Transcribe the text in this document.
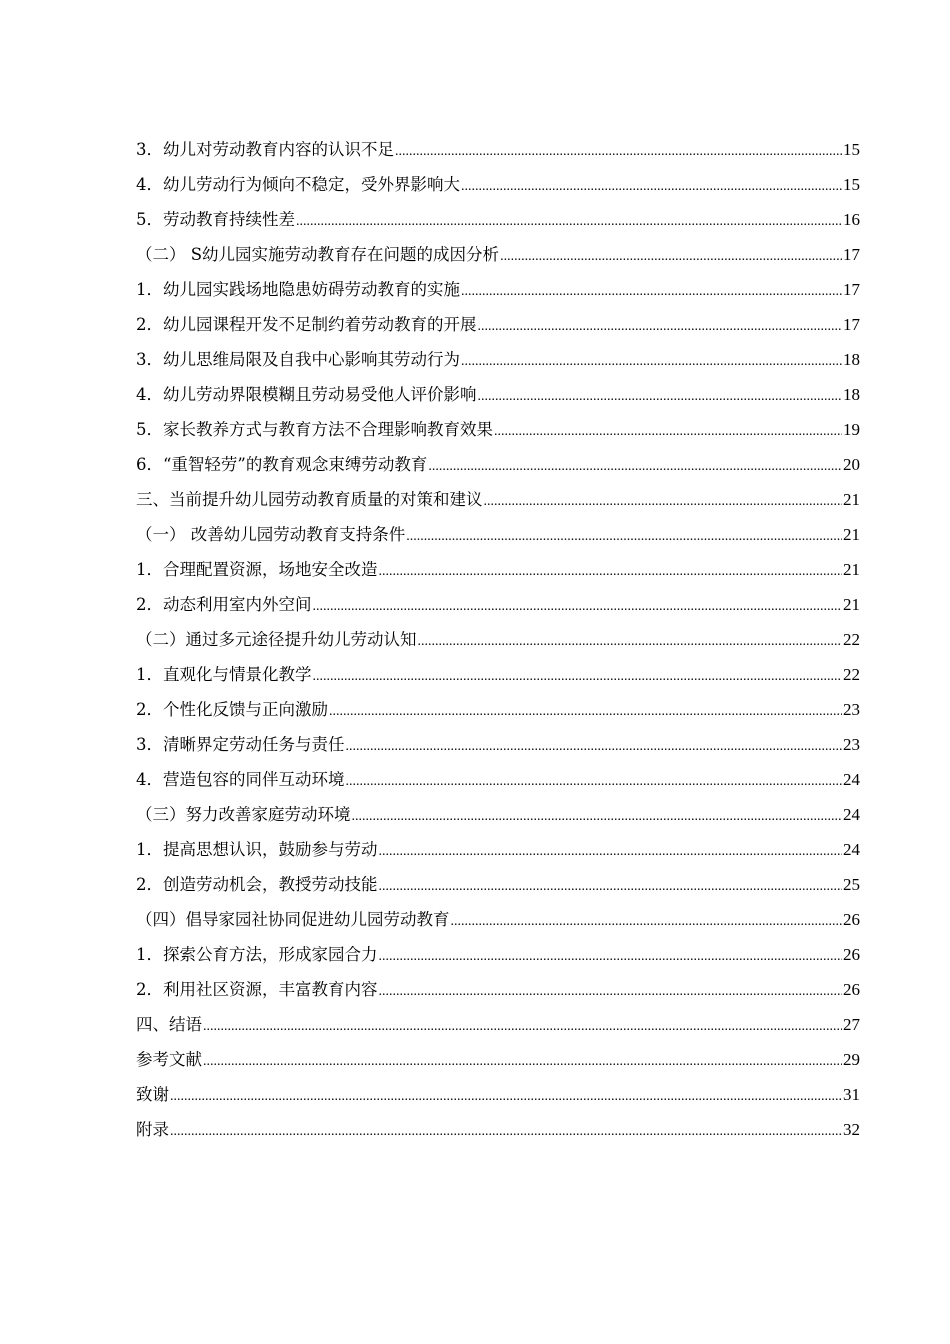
3．幼儿对劳动教育内容的认识不足 .....	15
4．幼儿劳动行为倾向不稳定，受外界影响大 .....	15
5．劳动教育持续性差 .....	16
（二） S幼儿园实施劳动教育存在问题的成因分析 .....	17
1．幼儿园实践场地隐患妨碍劳动教育的实施 .....	17
2．幼儿园课程开发不足制约着劳动教育的开展 .....	17
3．幼儿思维局限及自我中心影响其劳动行为 .....	18
4．幼儿劳动界限模糊且劳动易受他人评价影响 .....	18
5．家长教养方式与教育方法不合理影响教育效果 .....	19
6．“重智轻劳”的教育观念束缚劳动教育 .....	20
三、当前提升幼儿园劳动教育质量的对策和建议 .....	21
（一） 改善幼儿园劳动教育支持条件 .....	21
1．合理配置资源，场地安全改造 .....	21
2．动态利用室内外空间 .....	21
（二）通过多元途径提升幼儿劳动认知 .....	22
1．直观化与情景化教学 .....	22
2．个性化反馈与正向激励 .....	23
3．清晰界定劳动任务与责任 .....	23
4．营造包容的同伴互动环境 .....	24
（三）努力改善家庭劳动环境 .....	24
1．提高思想认识，鼓励参与劳动 .....	24
2．创造劳动机会，教授劳动技能 .....	25
（四）倡导家园社协同促进幼儿园劳动教育 .....	26
1．探索公育方法，形成家园合力 .....	26
2．利用社区资源，丰富教育内容 .....	26
四、结语 .....	27
参考文献 .....	29
致谢 .....	31
附录 .....	32
